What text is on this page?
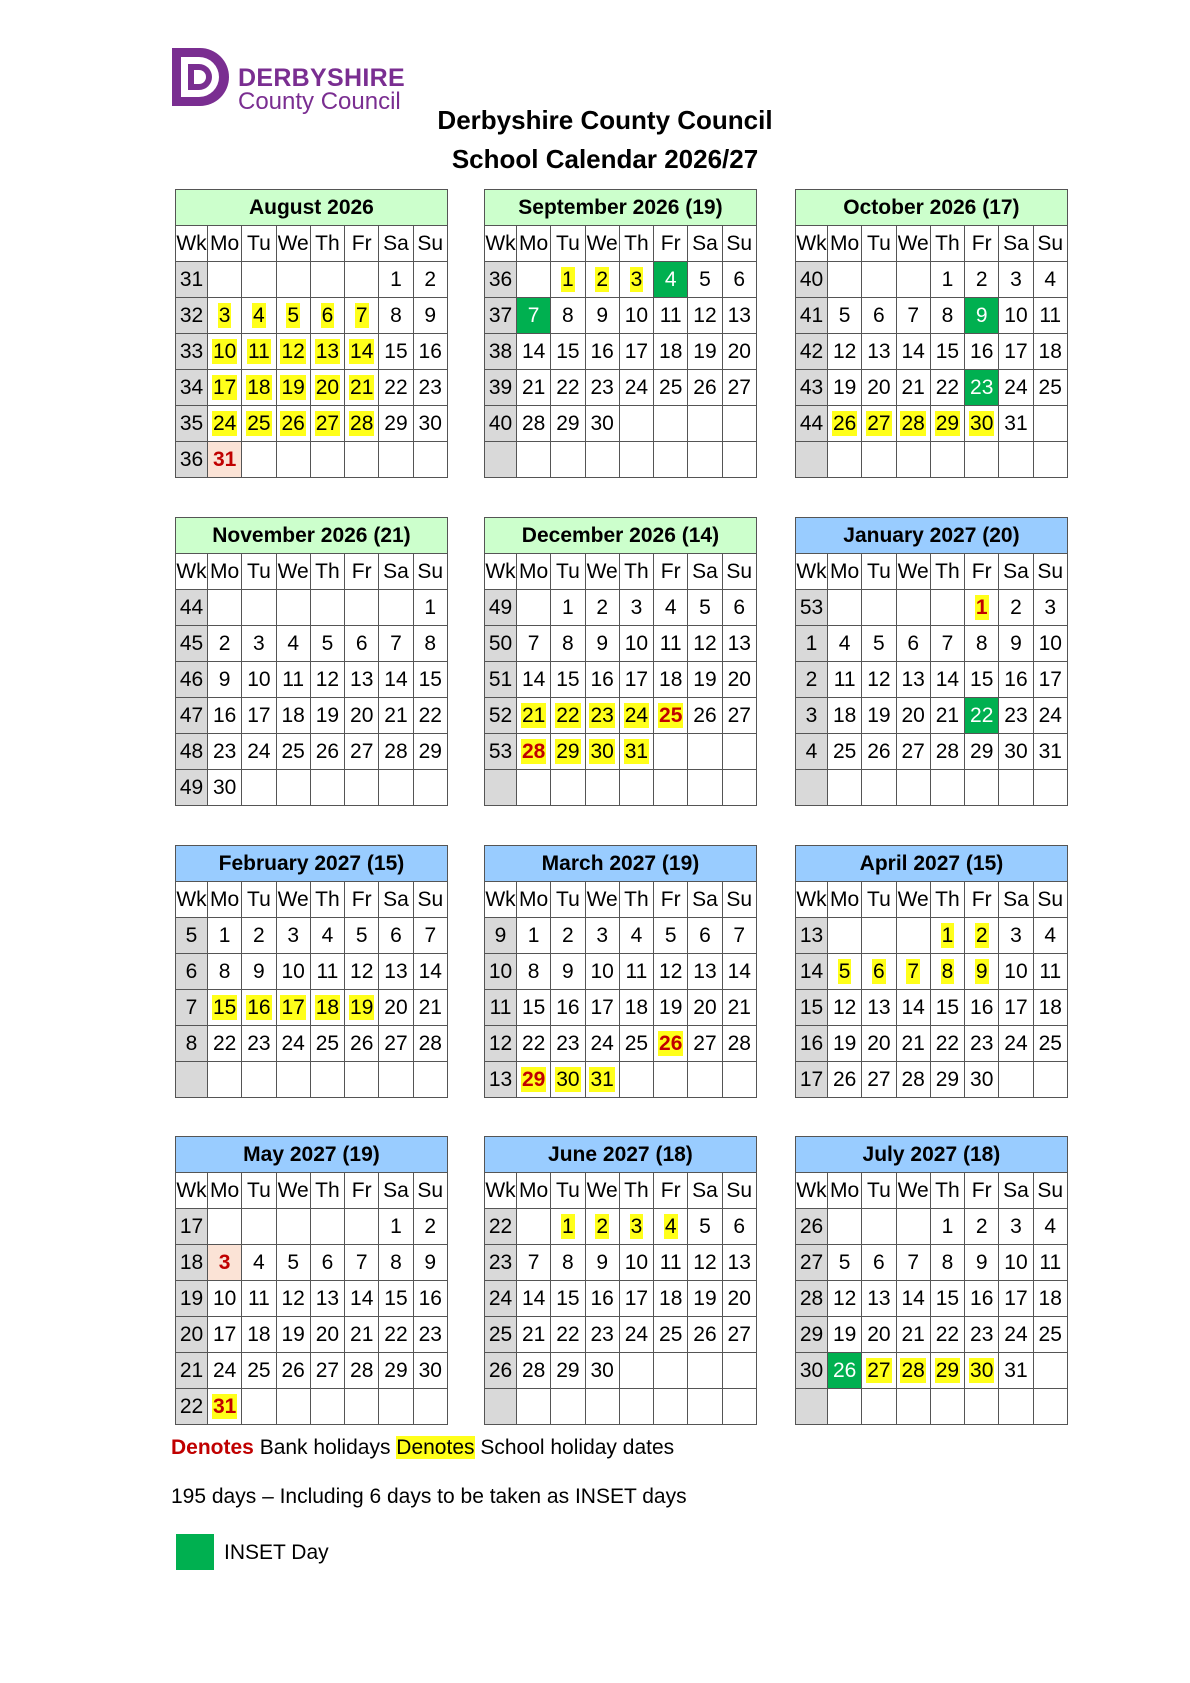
DERBYSHIRE
County Council
Derbyshire County Council
School Calendar 2026/27
August 2026							
Wk	Mo	Tu	We	Th	Fr	Sa	Su
31						1	2
32	3	4	5	6	7	8	9
33	10	11	12	13	14	15	16
34	17	18	19	20	21	22	23
35	24	25	26	27	28	29	30
36	31						
September 2026 (19)							
Wk	Mo	Tu	We	Th	Fr	Sa	Su
36		1	2	3	4	5	6
37	7	8	9	10	11	12	13
38	14	15	16	17	18	19	20
39	21	22	23	24	25	26	27
40	28	29	30				

October 2026 (17)							
Wk	Mo	Tu	We	Th	Fr	Sa	Su
40				1	2	3	4
41	5	6	7	8	9	10	11
42	12	13	14	15	16	17	18
43	19	20	21	22	23	24	25
44	26	27	28	29	30	31	

November 2026 (21)							
Wk	Mo	Tu	We	Th	Fr	Sa	Su
44							1
45	2	3	4	5	6	7	8
46	9	10	11	12	13	14	15
47	16	17	18	19	20	21	22
48	23	24	25	26	27	28	29
49	30						
December 2026 (14)							
Wk	Mo	Tu	We	Th	Fr	Sa	Su
49		1	2	3	4	5	6
50	7	8	9	10	11	12	13
51	14	15	16	17	18	19	20
52	21	22	23	24	25	26	27
53	28	29	30	31			

January 2027 (20)							
Wk	Mo	Tu	We	Th	Fr	Sa	Su
53					1	2	3
1	4	5	6	7	8	9	10
2	11	12	13	14	15	16	17
3	18	19	20	21	22	23	24
4	25	26	27	28	29	30	31

February 2027 (15)							
Wk	Mo	Tu	We	Th	Fr	Sa	Su
5	1	2	3	4	5	6	7
6	8	9	10	11	12	13	14
7	15	16	17	18	19	20	21
8	22	23	24	25	26	27	28

March 2027 (19)							
Wk	Mo	Tu	We	Th	Fr	Sa	Su
9	1	2	3	4	5	6	7
10	8	9	10	11	12	13	14
11	15	16	17	18	19	20	21
12	22	23	24	25	26	27	28
13	29	30	31				
April 2027 (15)							
Wk	Mo	Tu	We	Th	Fr	Sa	Su
13				1	2	3	4
14	5	6	7	8	9	10	11
15	12	13	14	15	16	17	18
16	19	20	21	22	23	24	25
17	26	27	28	29	30		
May 2027 (19)							
Wk	Mo	Tu	We	Th	Fr	Sa	Su
17						1	2
18	3	4	5	6	7	8	9
19	10	11	12	13	14	15	16
20	17	18	19	20	21	22	23
21	24	25	26	27	28	29	30
22	31						
June 2027 (18)							
Wk	Mo	Tu	We	Th	Fr	Sa	Su
22		1	2	3	4	5	6
23	7	8	9	10	11	12	13
24	14	15	16	17	18	19	20
25	21	22	23	24	25	26	27
26	28	29	30				

July 2027 (18)							
Wk	Mo	Tu	We	Th	Fr	Sa	Su
26				1	2	3	4
27	5	6	7	8	9	10	11
28	12	13	14	15	16	17	18
29	19	20	21	22	23	24	25
30	26	27	28	29	30	31	

Denotes Bank holidays Denotes School holiday dates
195 days – Including 6 days to be taken as INSET days
INSET Day
